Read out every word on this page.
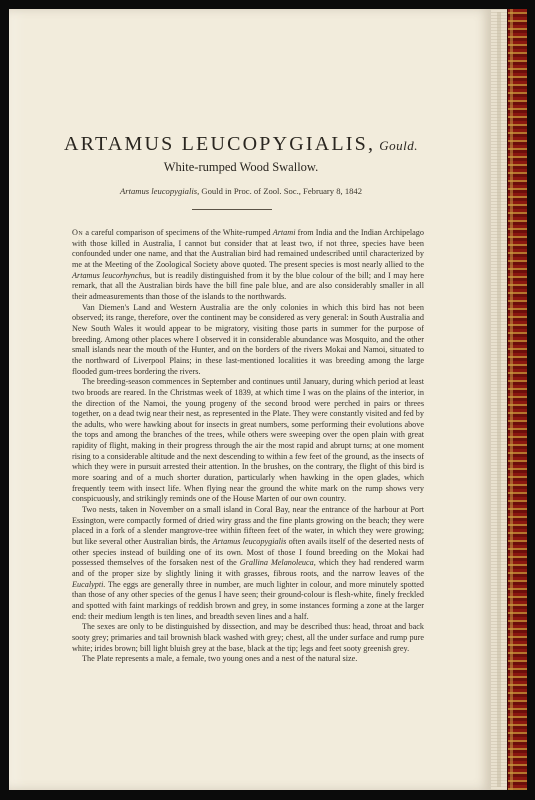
ARTAMUS LEUCOPYGIALIS, Gould.
White-rumped Wood Swallow.
Artamus leucopygialis, Gould in Proc. of Zool. Soc., February 8, 1842

On a careful comparison of specimens of the White-rumped Artami from India and the Indian Archipelago with those killed in Australia, I cannot but consider that at least two, if not three, species have been confounded under one name, and that the Australian bird had remained undescribed until characterized by me at the Meeting of the Zoological Society above quoted. The present species is most nearly allied to the Artamus leucorhynchus, but is readily distinguished from it by the blue colour of the bill; and I may here remark, that all the Australian birds have the bill fine pale blue, and are also considerably smaller in all their admeasurements than those of the islands to the northwards.

Van Diemen's Land and Western Australia are the only colonies in which this bird has not been observed; its range, therefore, over the continent may be considered as very general: in South Australia and New South Wales it would appear to be migratory, visiting those parts in summer for the purpose of breeding. Among other places where I observed it in considerable abundance was Mosquito, and the other small islands near the mouth of the Hunter, and on the borders of the rivers Mokai and Namoi, situated to the northward of Liverpool Plains; in these last-mentioned localities it was breeding among the large flooded gum-trees bordering the rivers.

The breeding-season commences in September and continues until January, during which period at least two broods are reared. In the Christmas week of 1839, at which time I was on the plains of the interior, in the direction of the Namoi, the young progeny of the second brood were perched in pairs or threes together, on a dead twig near their nest, as represented in the Plate. They were constantly visited and fed by the adults, who were hawking about for insects in great numbers, some performing their evolutions above the tops and among the branches of the trees, while others were sweeping over the open plain with great rapidity of flight, making in their progress through the air the most rapid and abrupt turns; at one moment rising to a considerable altitude and the next descending to within a few feet of the ground, as the insects of which they were in pursuit arrested their attention. In the brushes, on the contrary, the flight of this bird is more soaring and of a much shorter duration, particularly when hawking in the open glades, which frequently teem with insect life. When flying near the ground the white mark on the rump shows very conspicuously, and strikingly reminds one of the House Marten of our own country.

Two nests, taken in November on a small island in Coral Bay, near the entrance of the harbour at Port Essington, were compactly formed of dried wiry grass and the fine plants growing on the beach; they were placed in a fork of a slender mangrove-tree within fifteen feet of the water, in which they were growing; but like several other Australian birds, the Artamus leucopygialis often avails itself of the deserted nests of other species instead of building one of its own. Most of those I found breeding on the Mokai had possessed themselves of the forsaken nest of the Grallina Melanoleuca, which they had rendered warm and of the proper size by slightly lining it with grasses, fibrous roots, and the narrow leaves of the Eucalypti. The eggs are generally three in number, are much lighter in colour, and more minutely spotted than those of any other species of the genus I have seen; their ground-colour is flesh-white, finely freckled and spotted with faint markings of reddish brown and grey, in some instances forming a zone at the larger end: their medium length is ten lines, and breadth seven lines and a half.

The sexes are only to be distinguished by dissection, and may be described thus: head, throat and back sooty grey; primaries and tail brownish black washed with grey; chest, all the under surface and rump pure white; irides brown; bill light bluish grey at the base, black at the tip; legs and feet sooty greenish grey.

The Plate represents a male, a female, two young ones and a nest of the natural size.
